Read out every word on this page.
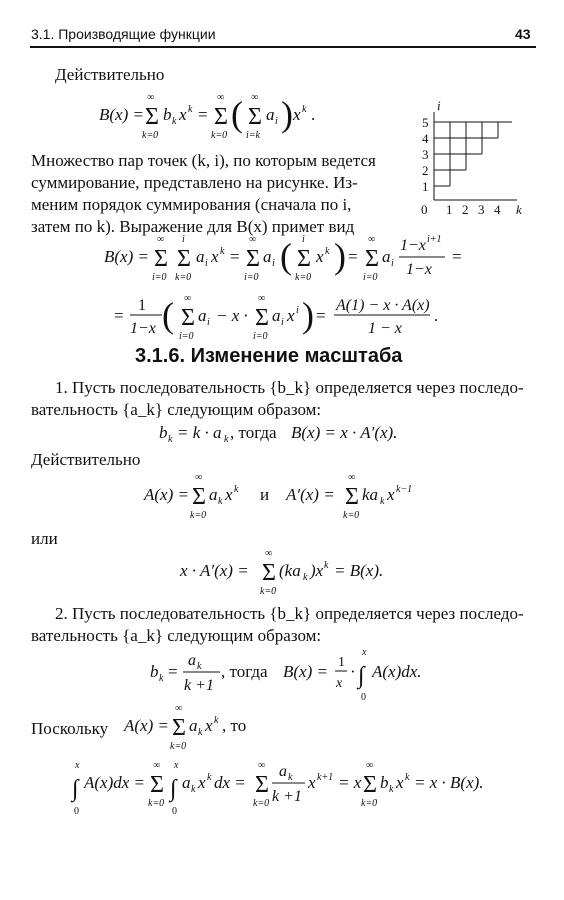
3.1. Производящие функции	43
Действительно
B(x) =
∞
Σ
k=0
b k x k =
∞
Σ
k=0
( ∞
Σ
i=k
a i ) x k .	i
k
0 1 2 3 4
1
2
3
4
5
Множество пар точек (k, i), по которым ведется
суммирование, представлено на рисунке. Из-
меним порядок суммирования (сначала по i,
затем по k). Выражение для B(x) примет вид
B(x) =
∞
Σ
i=0
i
Σ
k=0
a i x k =
∞
Σ
i=0
a i ( i
Σ
k=0
x k ) =
∞
Σ
i=0
a i
1−x i+1
1−x
=
=
1
1−x ( ∞
Σ
i=0
a i − x ·
∞
Σ
i=0
a i x i ) =
A(1) − x · A(x)
1 − x
.
3.1.6. Изменение масштаба
1. Пусть последовательность {b_k} определяется через последо-
вательность {a_k} следующим образом:
b k = k · a k , тогда B(x) = x · A′(x).
Действительно
A(x) =
∞
Σ
k=0
a k x k и A′(x) =
∞
Σ
k=0
ka k x k−1
или
x · A′(x) =
∞
Σ
k=0
(ka k )x k = B(x).
2. Пусть последовательность {b_k} определяется через последо-
вательность {a_k} следующим образом:
b k =
a k
k +1
, тогда B(x) = 1
x
·
x
∫
0
A(x)dx.
Поскольку A(x) =
∞
Σ
k=0
a k x k , то
x
∫
0
A(x)dx =
∞
Σ
k=0
x
∫
0
a k x k dx =
∞
Σ
k=0
a k
k +1
x k+1 = x
∞
Σ
k=0
b k x k = x · B(x).
